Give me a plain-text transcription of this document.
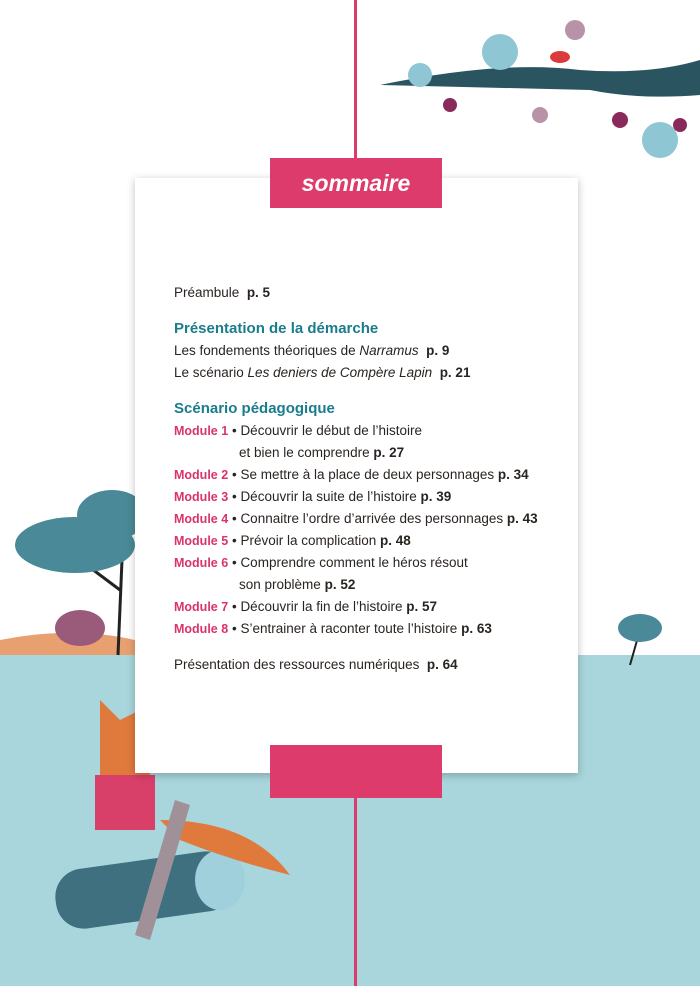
sommaire
Préambule p. 5
Présentation de la démarche
Les fondements théoriques de Narramus p. 9
Le scénario Les deniers de Compère Lapin p. 21
Scénario pédagogique
Module 1 • Découvrir le début de l’histoire
et bien le comprendre p. 27
Module 2 • Se mettre à la place de deux personnages p. 34
Module 3 • Découvrir la suite de l’histoire p. 39
Module 4 • Connaitre l’ordre d’arrivée des personnages p. 43
Module 5 • Prévoir la complication p. 48
Module 6 • Comprendre comment le héros résout
son problème p. 52
Module 7 • Découvrir la fin de l’histoire p. 57
Module 8 • S’entrainer à raconter toute l’histoire p. 63
Présentation des ressources numériques p. 64
